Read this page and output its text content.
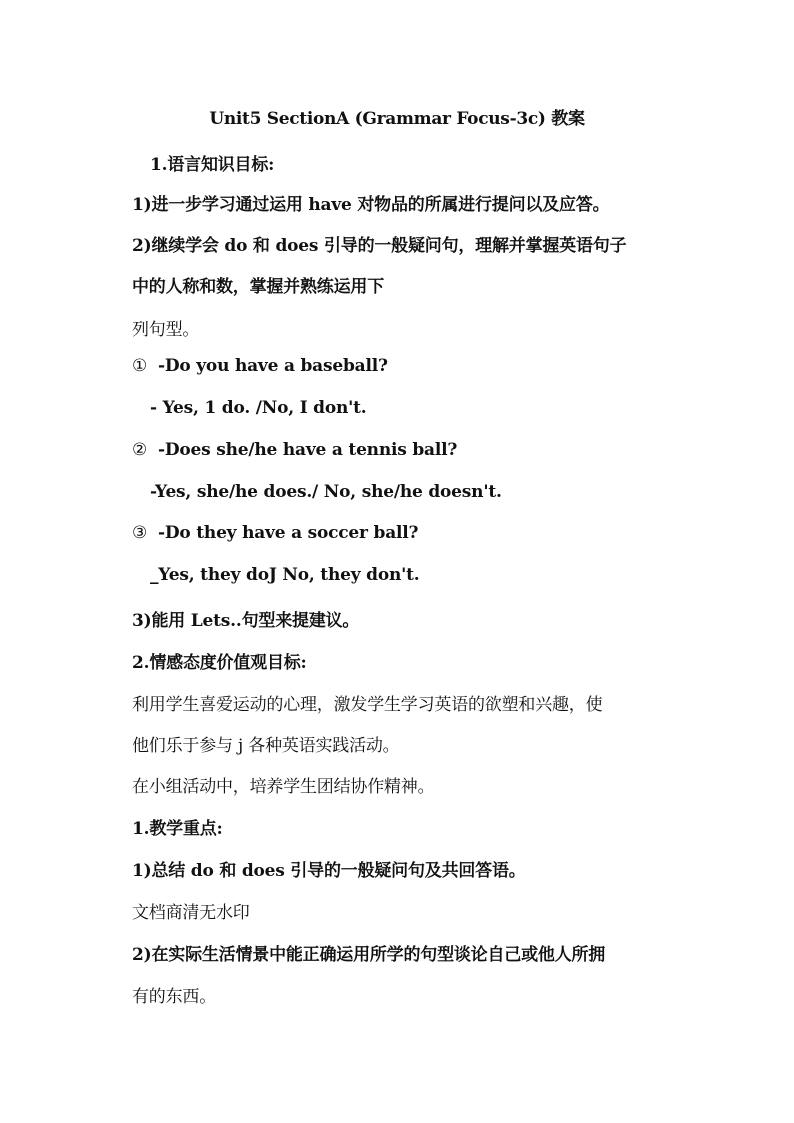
Unit5 SectionA (Grammar Focus-3c) 教案
1.语言知识目标:
1)进一步学习通过运用 have 对物品的所属进行提问以及应答。
2)继续学会 do 和 does 引导的一般疑问句，理解并掌握英语句子
中的人称和数，掌握并熟练运用下
列句型。
① -Do you have a baseball?
- Yes, 1 do. /No, I don't.
② -Does she/he have a tennis ball?
-Yes, she/he does./ No, she/he doesn't.
③ -Do they have a soccer ball?
_Yes, they doJ No, they don't.
3)能用 Lets..句型来提建议。
2.情感态度价值观目标:
利用学生喜爱运动的心理，激发学生学习英语的欲塑和兴趣，使
他们乐于参与 j 各种英语实践活动。
在小组活动中，培养学生团结协作精神。
1.教学重点:
1)总结 do 和 does 引导的一般疑问句及共回答语。
文档商清无水印
2)在实际生活情景中能正确运用所学的句型谈论自己或他人所拥
有的东西。
